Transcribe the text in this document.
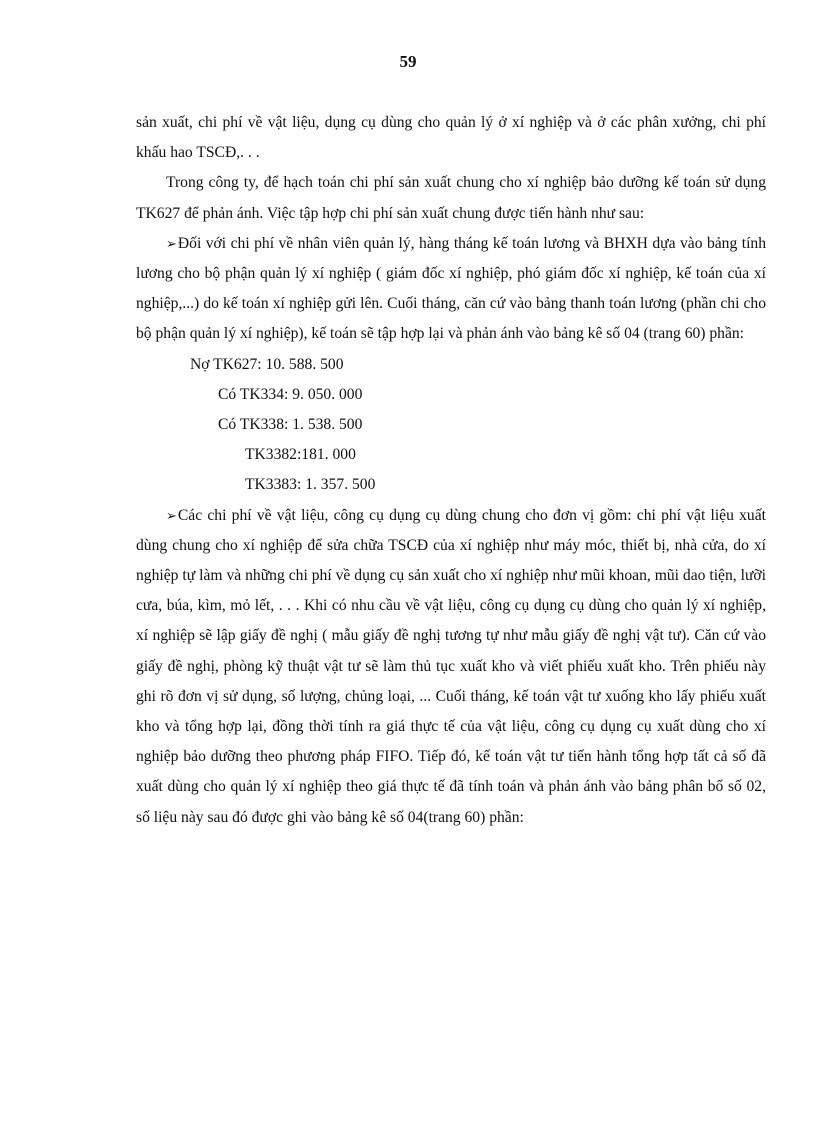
59

sản xuất, chi phí về vật liệu, dụng cụ dùng cho quản lý ở xí nghiệp và ở các phân xưởng, chi phí khấu hao TSCĐ,. . .

Trong công ty, để hạch toán chi phí sản xuất chung cho xí nghiệp bảo dưỡng kế toán sử dụng TK627 để phản ánh. Việc tập hợp chi phí sản xuất chung được tiến hành như sau:

➢ Đối với chi phí về nhân viên quản lý, hàng tháng kế toán lương và BHXH dựa vào bảng tính lương cho bộ phận quản lý xí nghiệp ( giám đốc xí nghiệp, phó giám đốc xí nghiệp, kế toán của xí nghiệp,...) do kế toán xí nghiệp gửi lên. Cuối tháng, căn cứ vào bảng thanh toán lương (phần chi cho bộ phận quản lý xí nghiệp), kế toán sẽ tập hợp lại và phản ánh vào bảng kê số 04 (trang 60) phần:

Nợ TK627: 10. 588. 500

Có TK334: 9. 050. 000

Có TK338: 1. 538. 500

TK3382:181. 000

TK3383: 1. 357. 500

➢ Các chi phí về vật liệu, công cụ dụng cụ dùng chung cho đơn vị gồm: chi phí vật liệu xuất dùng chung cho xí nghiệp để sửa chữa TSCĐ của xí nghiệp như máy móc, thiết bị, nhà cửa, do xí nghiệp tự làm và những chi phí về dụng cụ sản xuất cho xí nghiệp như mũi khoan, mũi dao tiện, lưỡi cưa, búa, kìm, mỏ lết, . . . Khi có nhu cầu về vật liệu, công cụ dụng cụ dùng cho quản lý xí nghiệp, xí nghiệp sẽ lập giấy đề nghị ( mẫu giấy đề nghị tương tự như mẫu giấy đề nghị vật tư). Căn cứ vào giấy đề nghị, phòng kỹ thuật vật tư sẽ làm thủ tục xuất kho và viết phiếu xuất kho. Trên phiếu này ghi rõ đơn vị sử dụng, số lượng, chủng loại, ... Cuối tháng, kế toán vật tư xuống kho lấy phiếu xuất kho và tổng hợp lại, đồng thời tính ra giá thực tế của vật liệu, công cụ dụng cụ xuất dùng cho xí nghiệp bảo dưỡng theo phương pháp FIFO. Tiếp đó, kế toán vật tư tiến hành tổng hợp tất cả số đã xuất dùng cho quản lý xí nghiệp theo giá thực tế đã tính toán và phản ánh vào bảng phân bổ số 02, số liệu này sau đó được ghi vào bảng kê số 04(trang 60) phần:
